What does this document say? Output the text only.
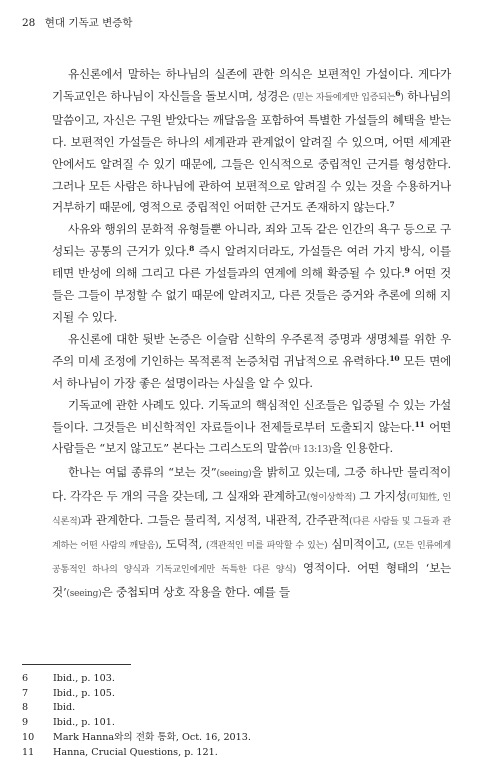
28 현대 기독교 변증학

유신론에서 말하는 하나님의 실존에 관한 의식은 보편적인 가설이다. 게다가 기독교인은 하나님이 자신들을 돌보시며, 성경은 (믿는 자들에게만 입증되는$^6$) 하나님의 말씀이고, 자신은 구원 받았다는 깨달음을 포함하여 특별한 가설들의 혜택을 받는다. 보편적인 가설들은 하나의 세계관과 관계없이 알려질 수 있으며, 어떤 세계관 안에서도 알려질 수 있기 때문에, 그들은 인식적으로 중립적인 근거를 형성한다. 그러나 모든 사람은 하나님에 관하여 보편적으로 알려질 수 있는 것을 수용하거나 거부하기 때문에, 영적으로 중립적인 어떠한 근거도 존재하지 않는다.$^7$

사유와 행위의 문화적 유형들뿐 아니라, 죄와 고독 같은 인간의 욕구 등으로 구성되는 공통의 근거가 있다.$^8$ 즉시 알려지더라도, 가설들은 여러 가지 방식, 이를테면 반성에 의해 그리고 다른 가설들과의 연계에 의해 확증될 수 있다.$^9$ 어떤 것들은 그들이 부정할 수 없기 때문에 알려지고, 다른 것들은 증거와 추론에 의해 지지될 수 있다.

유신론에 대한 뒷받 논증은 이슬람 신학의 우주론적 증명과 생명체를 위한 우주의 미세 조정에 기인하는 목적론적 논증처럼 귀납적으로 유력하다.$^{10}$ 모든 면에서 하나님이 가장 좋은 설명이라는 사실을 알 수 있다.

기독교에 관한 사례도 있다. 기독교의 핵심적인 신조들은 입증될 수 있는 가설들이다. 그것들은 비신학적인 자료들이나 전제들로부터 도출되지 않는다.$^{11}$ 어떤 사람들은 “보지 않고도” 본다는 그리스도의 말씀(마 13:13)을 인용한다.

한나는 여덟 종류의 “보는 것”(seeing)을 밝히고 있는데, 그중 하나만 물리적이다. 각각은 두 개의 극을 갖는데, 그 실재와 관계하고(형이상학적) 그 가지성(可知性, 인식론적)과 관계한다. 그들은 물리적, 지성적, 내관적, 간주관적(다른 사람들 및 그들과 관계하는 어떤 사람의 깨달음), 도덕적, (객관적인 미를 파악할 수 있는) 심미적이고, (모든 인류에게 공통적인 하나의 양식과 기독교인에게만 독특한 다른 양식) 영적이다. 어떤 형태의 ‘보는 것’(seeing)은 중첩되며 상호 작용을 한다. 예를 들

6	Ibid., p. 103.
7	Ibid., p. 105.
8	Ibid.
9	Ibid., p. 101.
10	Mark Hanna와의 전화 통화, Oct. 16, 2013.
11	Hanna, Crucial Questions, p. 121.
